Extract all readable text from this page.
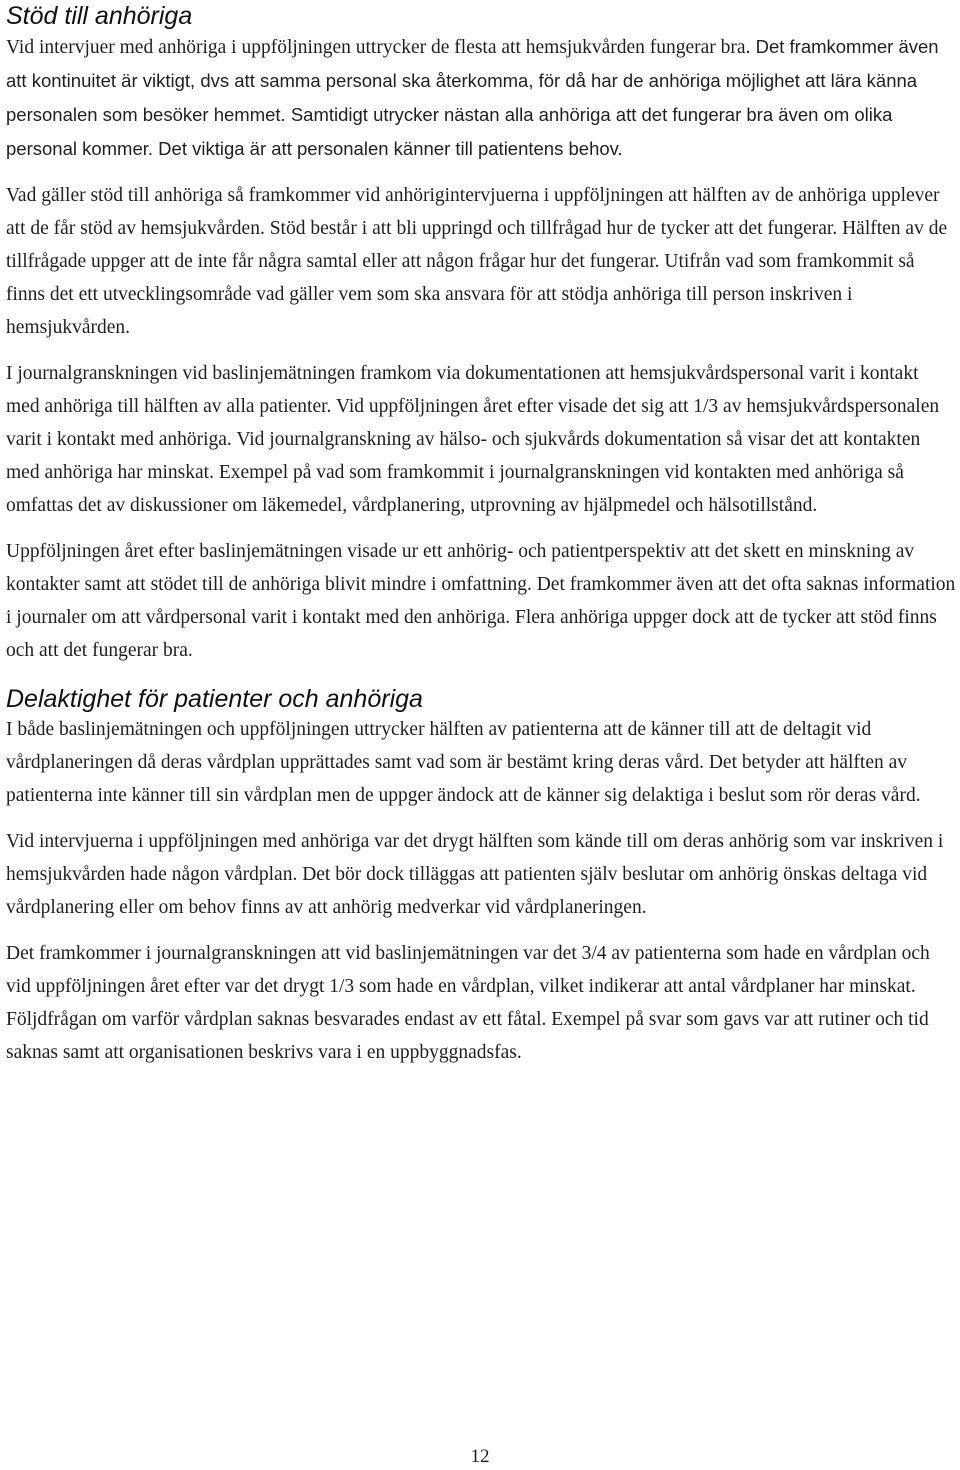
Stöd till anhöriga

Vid intervjuer med anhöriga i uppföljningen uttrycker de flesta att hemsjukvården fungerar bra. Det framkommer även att kontinuitet är viktigt, dvs att samma personal ska återkomma, för då har de anhöriga möjlighet att lära känna personalen som besöker hemmet. Samtidigt utrycker nästan alla anhöriga att det fungerar bra även om olika personal kommer. Det viktiga är att personalen känner till patientens behov.

Vad gäller stöd till anhöriga så framkommer vid anhörigintervjuerna i uppföljningen att hälften av de anhöriga upplever att de får stöd av hemsjukvården. Stöd består i att bli uppringd och tillfrågad hur de tycker att det fungerar. Hälften av de tillfrågade uppger att de inte får några samtal eller att någon frågar hur det fungerar. Utifrån vad som framkommit så finns det ett utvecklingsområde vad gäller vem som ska ansvara för att stödja anhöriga till person inskriven i hemsjukvården.

I journalgranskningen vid baslinjemätningen framkom via dokumentationen att hemsjukvårdspersonal varit i kontakt med anhöriga till hälften av alla patienter. Vid uppföljningen året efter visade det sig att 1/3 av hemsjukvårdspersonalen varit i kontakt med anhöriga. Vid journalgranskning av hälso- och sjukvårds dokumentation så visar det att kontakten med anhöriga har minskat. Exempel på vad som framkommit i journalgranskningen vid kontakten med anhöriga så omfattas det av diskussioner om läkemedel, vårdplanering, utprovning av hjälpmedel och hälsotillstånd.

Uppföljningen året efter baslinjemätningen visade ur ett anhörig- och patientperspektiv att det skett en minskning av kontakter samt att stödet till de anhöriga blivit mindre i omfattning. Det framkommer även att det ofta saknas information i journaler om att vårdpersonal varit i kontakt med den anhöriga. Flera anhöriga uppger dock att de tycker att stöd finns och att det fungerar bra.

Delaktighet för patienter och anhöriga

I både baslinjemätningen och uppföljningen uttrycker hälften av patienterna att de känner till att de deltagit vid vårdplaneringen då deras vårdplan upprättades samt vad som är bestämt kring deras vård. Det betyder att hälften av patienterna inte känner till sin vårdplan men de uppger ändock att de känner sig delaktiga i beslut som rör deras vård.

Vid intervjuerna i uppföljningen med anhöriga var det drygt hälften som kände till om deras anhörig som var inskriven i hemsjukvården hade någon vårdplan. Det bör dock tilläggas att patienten själv beslutar om anhörig önskas deltaga vid vårdplanering eller om behov finns av att anhörig medverkar vid vårdplaneringen.

Det framkommer i journalgranskningen att vid baslinjemätningen var det 3/4 av patienterna som hade en vårdplan och vid uppföljningen året efter var det drygt 1/3 som hade en vårdplan, vilket indikerar att antal vårdplaner har minskat. Följdfrågan om varför vårdplan saknas besvarades endast av ett fåtal. Exempel på svar som gavs var att rutiner och tid saknas samt att organisationen beskrivs vara i en uppbyggnadsfas.

12
